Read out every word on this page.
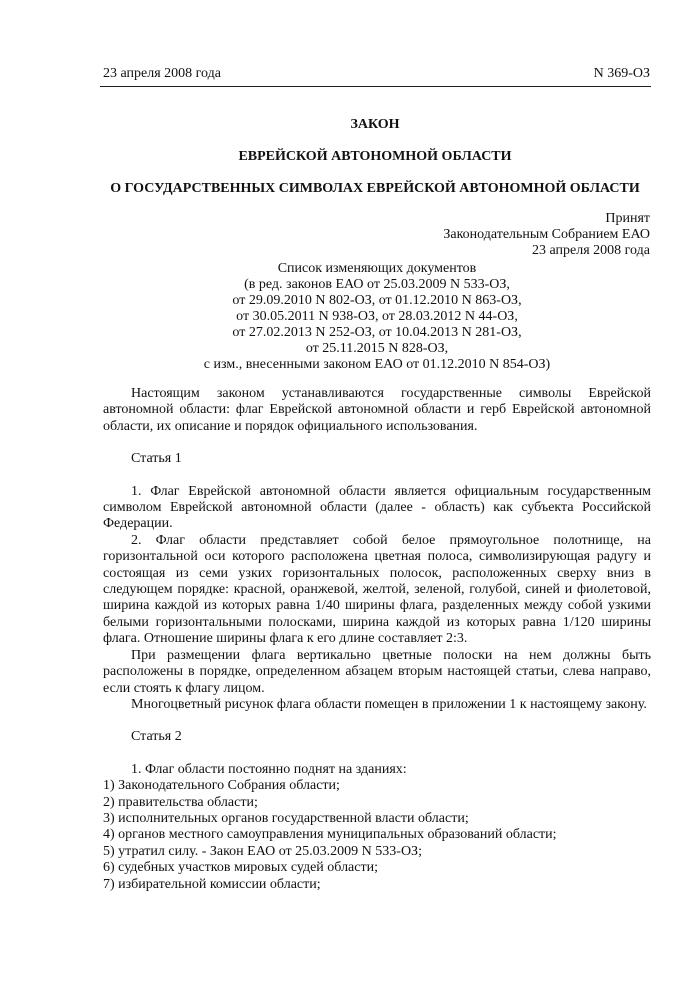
23 апреля 2008 года	N 369-ОЗ
ЗАКОН
ЕВРЕЙСКОЙ АВТОНОМНОЙ ОБЛАСТИ
О ГОСУДАРСТВЕННЫХ СИМВОЛАХ ЕВРЕЙСКОЙ АВТОНОМНОЙ ОБЛАСТИ
Принят
Законодательным Собранием ЕАО
23 апреля 2008 года
Список изменяющих документов
(в ред. законов ЕАО от 25.03.2009 N 533-ОЗ,
от 29.09.2010 N 802-ОЗ, от 01.12.2010 N 863-ОЗ,
от 30.05.2011 N 938-ОЗ, от 28.03.2012 N 44-ОЗ,
от 27.02.2013 N 252-ОЗ, от 10.04.2013 N 281-ОЗ,
от 25.11.2015 N 828-ОЗ,
с изм., внесенными законом ЕАО от 01.12.2010 N 854-ОЗ)

Настоящим законом устанавливаются государственные символы Еврейской автономной области: флаг Еврейской автономной области и герб Еврейской автономной области, их описание и порядок официального использования.

Статья 1

1. Флаг Еврейской автономной области является официальным государственным символом Еврейской автономной области (далее - область) как субъекта Российской Федерации.

2. Флаг области представляет собой белое прямоугольное полотнище, на горизонтальной оси которого расположена цветная полоса, символизирующая радугу и состоящая из семи узких горизонтальных полосок, расположенных сверху вниз в следующем порядке: красной, оранжевой, желтой, зеленой, голубой, синей и фиолетовой, ширина каждой из которых равна 1/40 ширины флага, разделенных между собой узкими белыми горизонтальными полосками, ширина каждой из которых равна 1/120 ширины флага. Отношение ширины флага к его длине составляет 2:3.

При размещении флага вертикально цветные полоски на нем должны быть расположены в порядке, определенном абзацем вторым настоящей статьи, слева направо, если стоять к флагу лицом.

Многоцветный рисунок флага области помещен в приложении 1 к настоящему закону.

Статья 2

1. Флаг области постоянно поднят на зданиях:

1) Законодательного Собрания области;

2) правительства области;

3) исполнительных органов государственной власти области;

4) органов местного самоуправления муниципальных образований области;

5) утратил силу. - Закон ЕАО от 25.03.2009 N 533-ОЗ;

6) судебных участков мировых судей области;

7) избирательной комиссии области;
